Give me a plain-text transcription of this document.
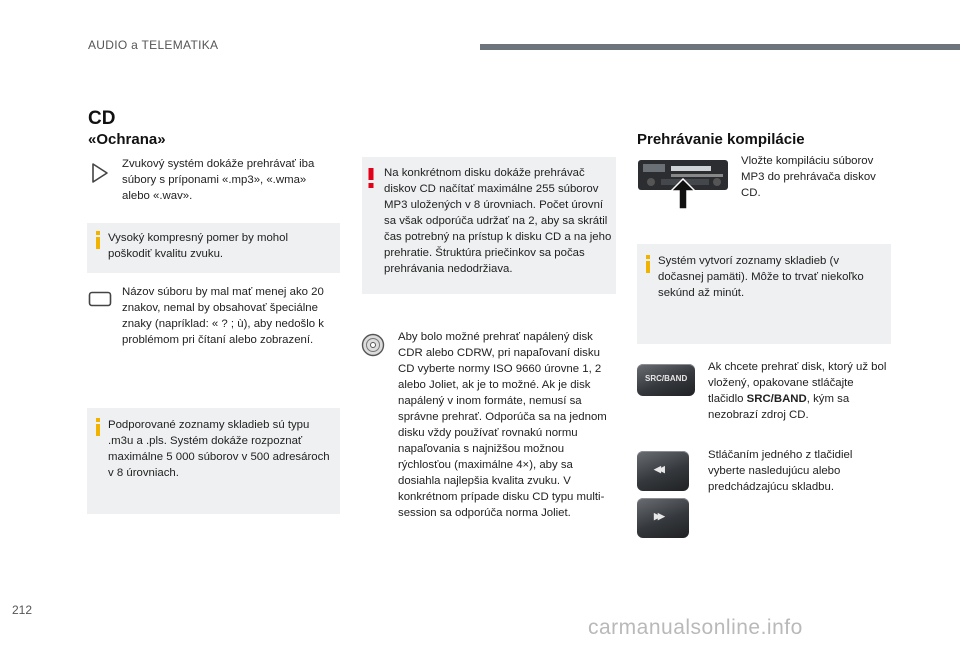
AUDIO a TELEMATIKA
CD
«Ochrana»	Prehrávanie kompilácie
Zvukový systém dokáže prehrávať iba súbory s príponami «.mp3», «.wma» alebo «.wav».
Vysoký kompresný pomer by mohol poškodiť kvalitu zvuku.
Názov súboru by mal mať menej ako 20 znakov, nemal by obsahovať špeciálne znaky (napríklad: « ? ; ù), aby nedošlo k problémom pri čítaní alebo zobrazení.
Podporované zoznamy skladieb sú typu .m3u a .pls. Systém dokáže rozpoznať maximálne 5 000 súborov v 500 adresároch v 8 úrovniach.
Na konkrétnom disku dokáže prehrávač diskov CD načítať maximálne 255 súborov MP3 uložených v 8 úrovniach. Počet úrovní sa však odporúča udržať na 2, aby sa skrátil čas potrebný na prístup k disku CD a na jeho prehratie. Štruktúra priečinkov sa počas prehrávania nedodržiava.
Aby bolo možné prehrať napálený disk CDR alebo CDRW, pri napaľovaní disku CD vyberte normy ISO 9660 úrovne 1, 2 alebo Joliet, ak je to možné. Ak je disk napálený v inom formáte, nemusí sa správne prehrať. Odporúča sa na jednom disku vždy používať rovnakú normu napaľovania s najnižšou možnou rýchlosťou (maximálne 4×), aby sa dosiahla najlepšia kvalita zvuku. V konkrétnom prípade disku CD typu multi-session sa odporúča norma Joliet.
Vložte kompiláciu súborov MP3 do prehrávača diskov CD.
Systém vytvorí zoznamy skladieb (v dočasnej pamäti). Môže to trvať niekoľko sekúnd až minút.
SRC/BAND
Ak chcete prehrať disk, ktorý už bol vložený, opakovane stláčajte tlačidlo SRC/BAND, kým sa nezobrazí zdroj CD.
◀◀
▶▶
Stláčaním jedného z tlačidiel vyberte nasledujúcu alebo predchádzajúcu skladbu.
212
carmanualsonline.info
